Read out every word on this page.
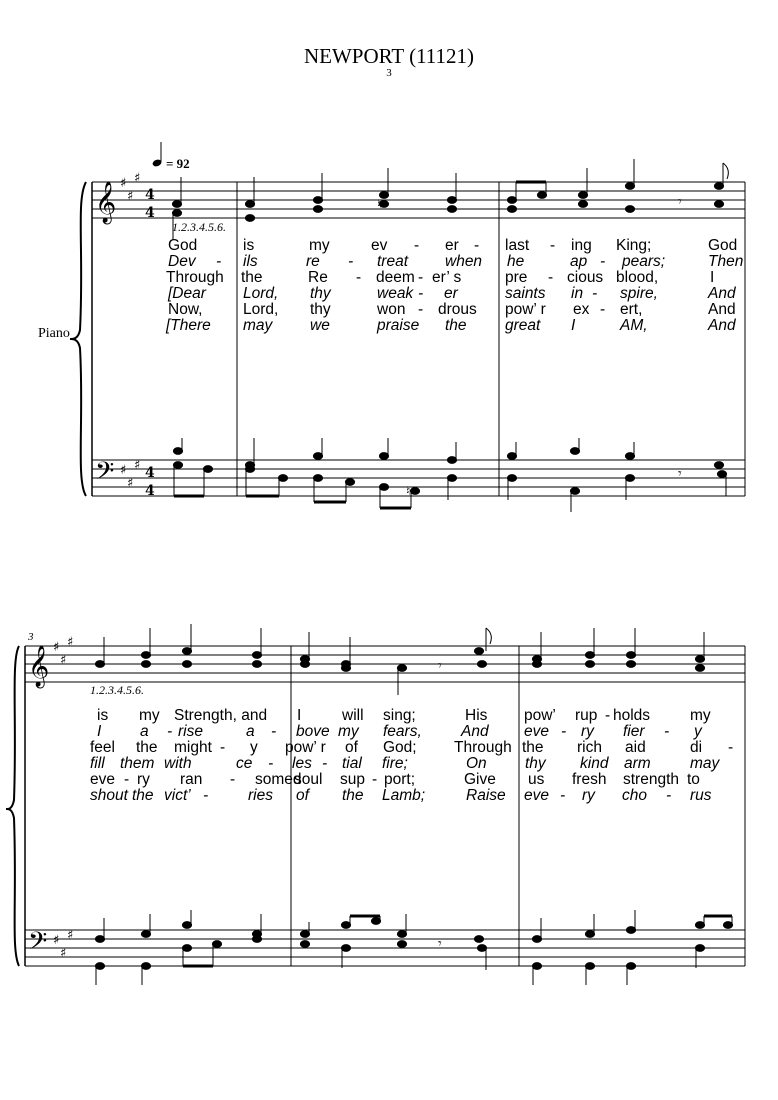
NEWPORT (11121)
3
Piano
𝄞
𝄢
𝄞
𝄢
♯
♯
♯
♯
♯
♯
♯
♯
♯
♯
♯
♯
4
4
4
4
= 92
1.2.3.4.5.6.
1.2.3.4.5.6.
3
𝄾
♮
𝄾
♮
𝄾
𝄾
God	is	my	ev - er - last - ing King;	God
Dev - ils	re - treat when he	ap - pears;	Then
Through the	Re - deem - er’ s	pre - cious blood,	I
[Dear Lord, thy	weak - er	saints in - spire,	And
Now,	Lord, thy	won - drous pow’ r ex - ert,	And
[There may we	praise the great I	AM,	And
is my Strength, and I	will sing;	His pow’ rup - holds	my
I a - rise	a - bove my fears,	And eve - ry fier - y
feel the might - y pow’ r of God; Through the rich aid	di -
fill them with	ce - les - tial fire;	On thy kind arm	may
eve - ry ran - somed
soul sup - port;	Give us fresh strength to
shout the vict’ -	ries of the Lamb;	Raise eve - ry cho - rus
